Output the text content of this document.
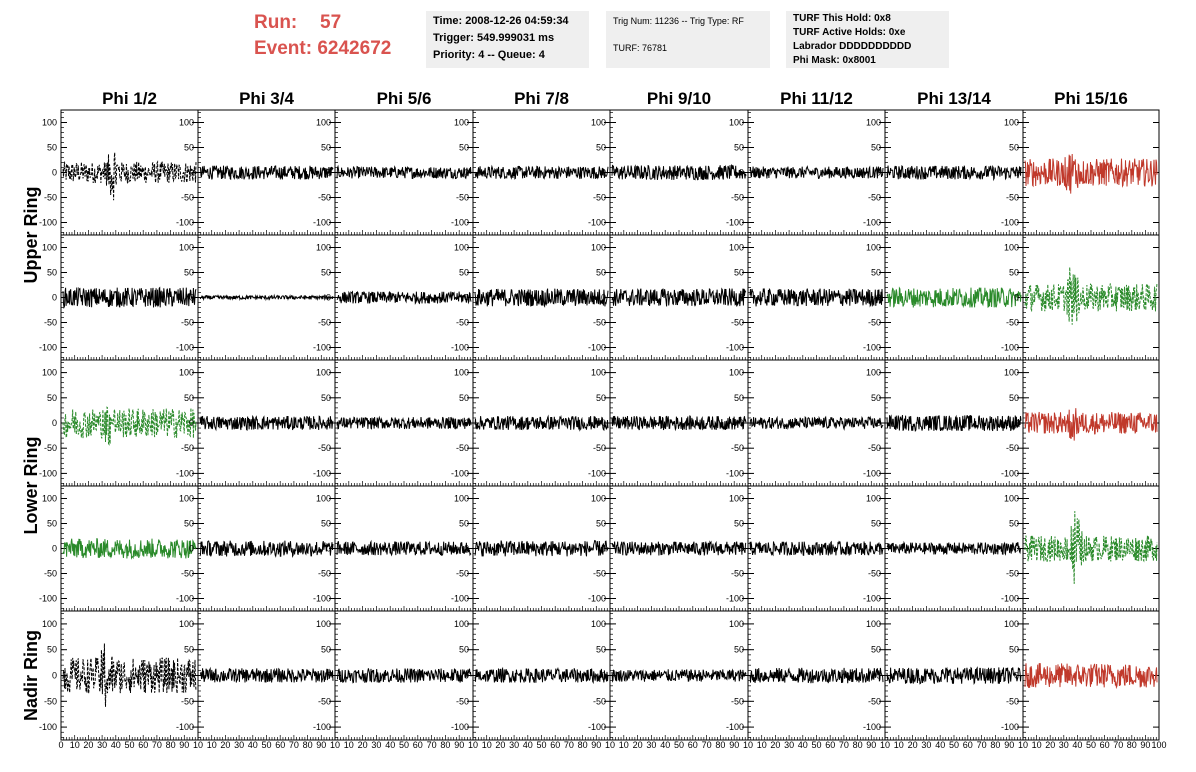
Run: 57
Event: 6242672
Time: 2008-12-26 04:59:34
Trigger: 549.999031 ms
Priority: 4 -- Queue: 4
Trig Num: 11236 -- Trig Type: RF
TURF: 76781
TURF This Hold: 0x8
TURF Active Holds: 0xe
Labrador DDDDDDDDDD
Phi Mask: 0x8001
Phi 1/2	Phi 3/4	Phi 5/6	Phi 7/8	Phi 9/10	Phi 11/12	Phi 13/14	Phi 15/16
Upper Ring
Lower Ring
Nadir Ring
-100
-50
0
50
100
-100
-50
0
50
100
-100
-50
0
50
100
-100
-50
0
50
100
-100
-50
0
50
100
-100
-50
0
50
100
-100
-50
0
50
100
-100
-50
0
50
100
-100
-50
0
50
100
-100
-50
0
50
100
-100
-50
0
50
100
-100
-50
0
50
100
-100
-50
0
50
100
-100
-50
0
50
100
-100
-50
0
50
100
-100
-50
0
50
100
-100
-50
0
50
100
-100
-50
0
50
100
-100
-50
0
50
100
-100
-50
0
50
100
-100
-50
0
50
100
-100
-50
0
50
100
-100
-50
0
50
100
-100
-50
0
50
100
-100
-50
0
50
100
-100
-50
0
50
100
-100
-50
0
50
100
-100
-50
0
50
100
-100
-50
0
50
100
-100
-50
0
50
100
-100
-50
0
50
100
-100
-50
0
50
100
-100
-50
0
50
100
-100
-50
0
50
100
-100
-50
0
50
100
-100
-50
0
50
100
-100
-50
0
50
100
-100
-50
0
50
100
-100
-50
0
50
100
-100
-50
0
50
100
0 10 20 30 40 50 60 70 80 90 10 10 20 30 40 50 60 70 80 90 10 10 20 30 40 50 60 70 80 90 10 10 20 30 40 50 60 70 80 90 10 10 20 30 40 50 60 70 80 90 10 10 20 30 40 50 60 70 80 90 10 10 20 30 40 50 60 70 80 90 10 10 20 30 40 50 60 70 80 90 100
